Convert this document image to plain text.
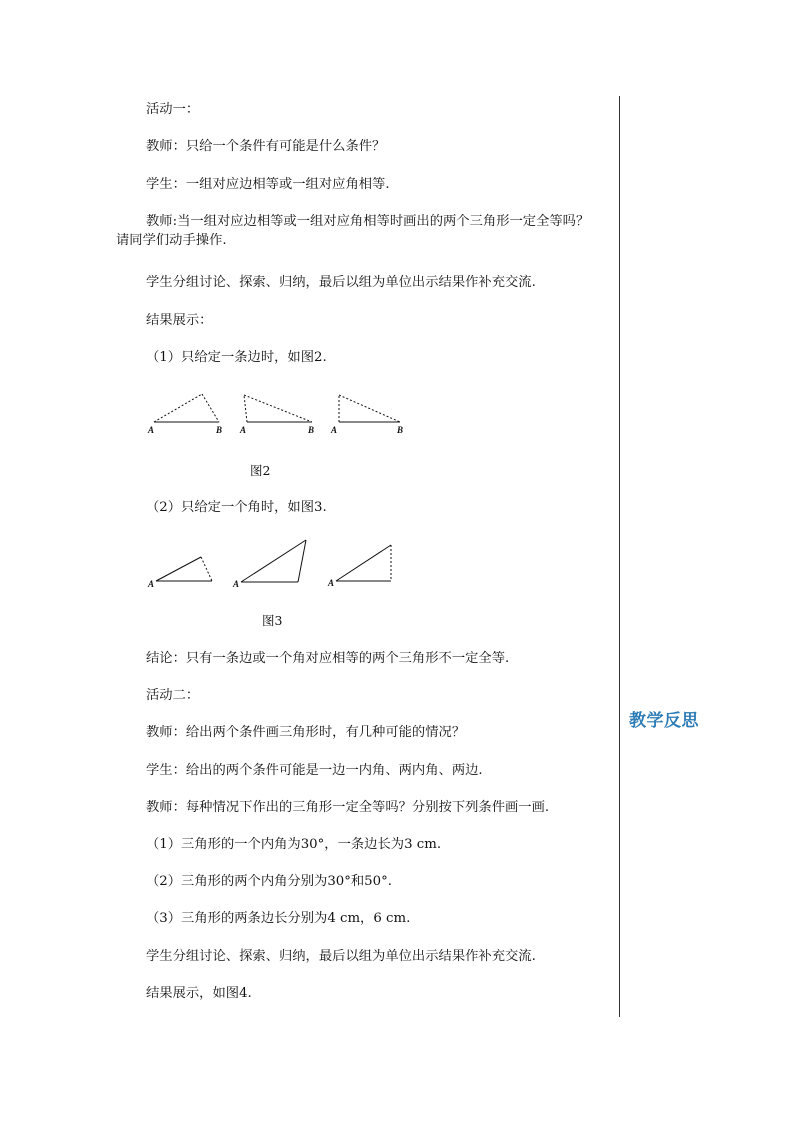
活动一：
教师：只给一个条件有可能是什么条件？
学生：一组对应边相等或一组对应角相等.
教师:当一组对应边相等或一组对应角相等时画出的两个三角形一定全等吗？
请同学们动手操作.
学生分组讨论、探索、归纳，最后以组为单位出示结果作补充交流.
结果展示：
（1）只给定一条边时，如图2.
A	B A	B A	B
图2
（2）只给定一个角时，如图3.
A	A	A
图3
结论：只有一条边或一个角对应相等的两个三角形不一定全等.
活动二：
教师：给出两个条件画三角形时，有几种可能的情况？
学生：给出的两个条件可能是一边一内角、两内角、两边.
教师：每种情况下作出的三角形一定全等吗？分别按下列条件画一画.
（1）三角形的一个内角为30°，一条边长为3 cm.
（2）三角形的两个内角分别为30°和50°.
（3）三角形的两条边长分别为4 cm，6 cm.
学生分组讨论、探索、归纳，最后以组为单位出示结果作补充交流.
结果展示，如图4.
教学反思
